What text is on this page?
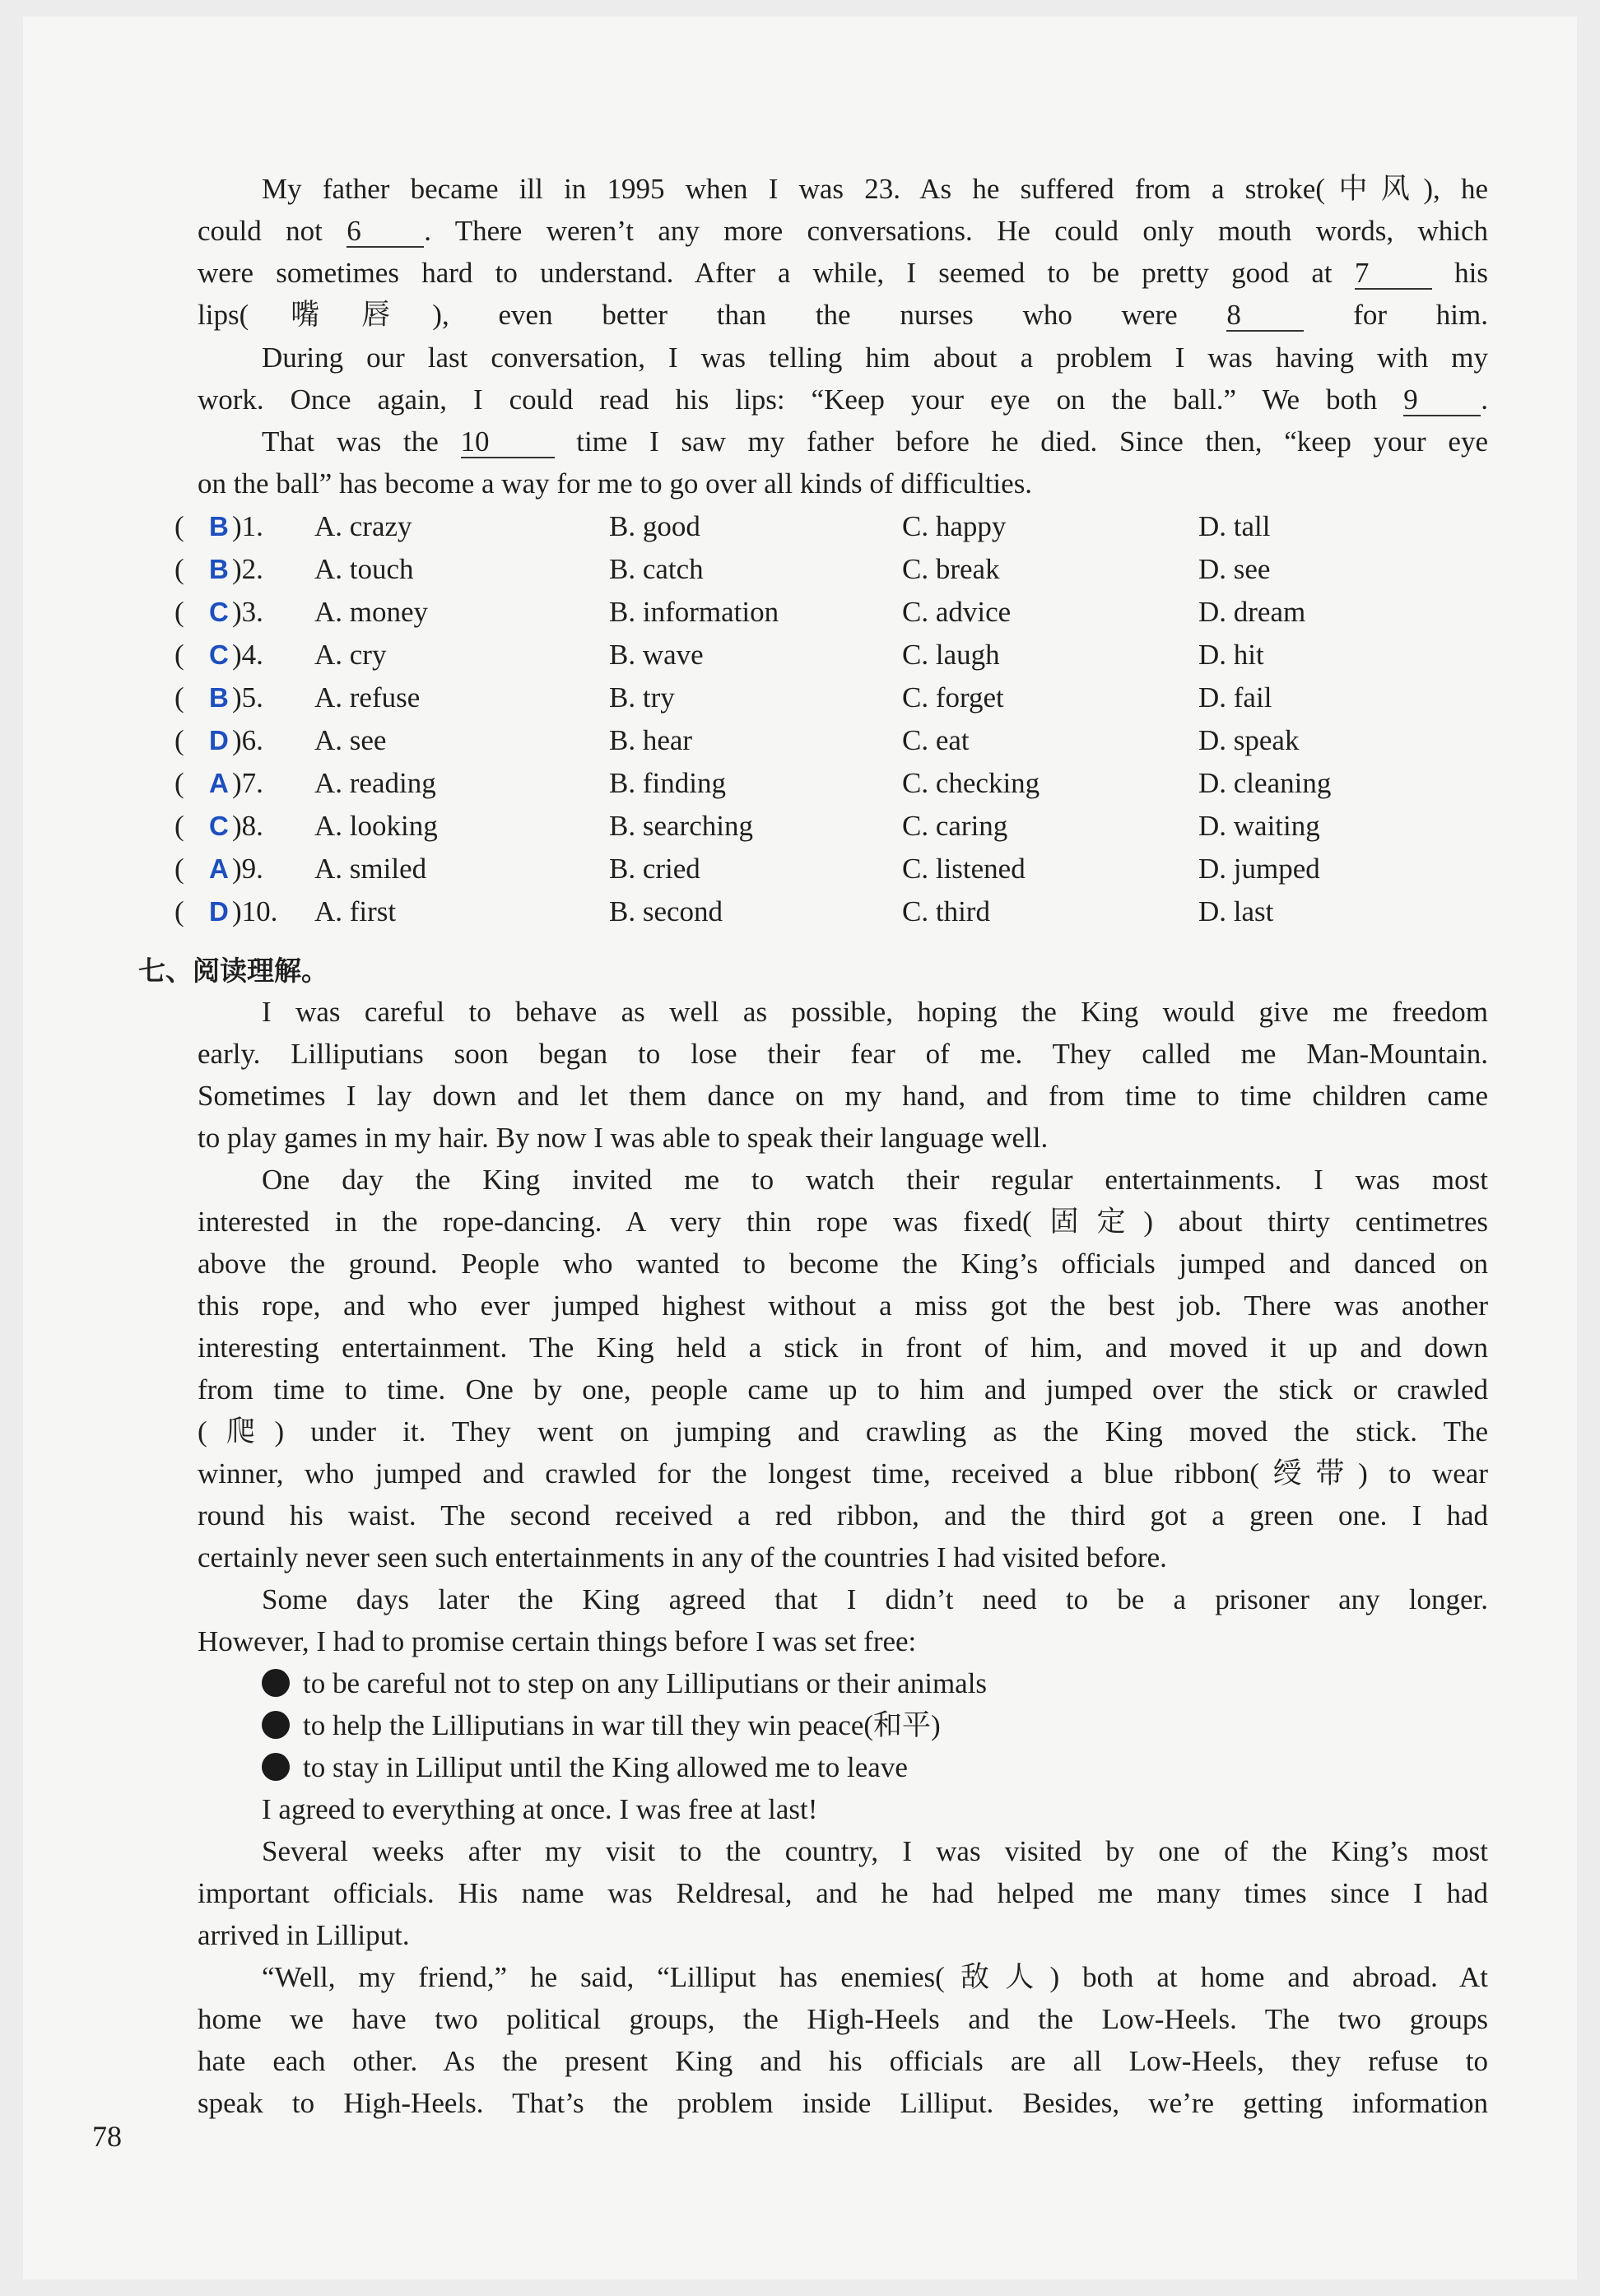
My father became ill in 1995 when I was 23. As he suffered from a stroke(中风), he
could not 6 . There weren’t any more conversations. He could only mouth words, which
were sometimes hard to understand. After a while, I seemed to be pretty good at 7 his
lips(嘴唇), even better than the nurses who were 8 for him.
During our last conversation, I was telling him about a problem I was having with my
work. Once again, I could read his lips: “Keep your eye on the ball.” We both 9 .
That was the 10 time I saw my father before he died. Since then, “keep your eye
on the ball” has become a way for me to go over all kinds of difficulties.
( B )1. A. crazy	B. good	C. happy	D. tall
( B )2. A. touch	B. catch	C. break	D. see
( C )3. A. money	B. information	C. advice	D. dream
( C )4. A. cry	B. wave	C. laugh	D. hit
( B )5. A. refuse	B. try	C. forget	D. fail
( D )6. A. see	B. hear	C. eat	D. speak
( A )7. A. reading	B. finding	C. checking	D. cleaning
( C )8. A. looking	B. searching	C. caring	D. waiting
( A )9. A. smiled	B. cried	C. listened	D. jumped
( D )10. A. first	B. second	C. third	D. last
I was careful to behave as well as possible, hoping the King would give me freedom
early. Lilliputians soon began to lose their fear of me. They called me Man-Mountain.
Sometimes I lay down and let them dance on my hand, and from time to time children came
to play games in my hair. By now I was able to speak their language well.
One day the King invited me to watch their regular entertainments. I was most
interested in the rope-dancing. A very thin rope was fixed(固定) about thirty centimetres
above the ground. People who wanted to become the King’s officials jumped and danced on
this rope, and who ever jumped highest without a miss got the best job. There was another
interesting entertainment. The King held a stick in front of him, and moved it up and down
from time to time. One by one, people came up to him and jumped over the stick or crawled
(爬) under it. They went on jumping and crawling as the King moved the stick. The
winner, who jumped and crawled for the longest time, received a blue ribbon(绶带) to wear
round his waist. The second received a red ribbon, and the third got a green one. I had
certainly never seen such entertainments in any of the countries I had visited before.
Some days later the King agreed that I didn’t need to be a prisoner any longer.
However, I had to promise certain things before I was set free:
to be careful not to step on any Lilliputians or their animals
to help the Lilliputians in war till they win peace(和平)
to stay in Lilliput until the King allowed me to leave
I agreed to everything at once. I was free at last!
Several weeks after my visit to the country, I was visited by one of the King’s most
important officials. His name was Reldresal, and he had helped me many times since I had
arrived in Lilliput.
“Well, my friend,” he said, “Lilliput has enemies(敌人) both at home and abroad. At
home we have two political groups, the High-Heels and the Low-Heels. The two groups
hate each other. As the present King and his officials are all Low-Heels, they refuse to
speak to High-Heels. That’s the problem inside Lilliput. Besides, we’re getting information
七、阅读理解。
78
